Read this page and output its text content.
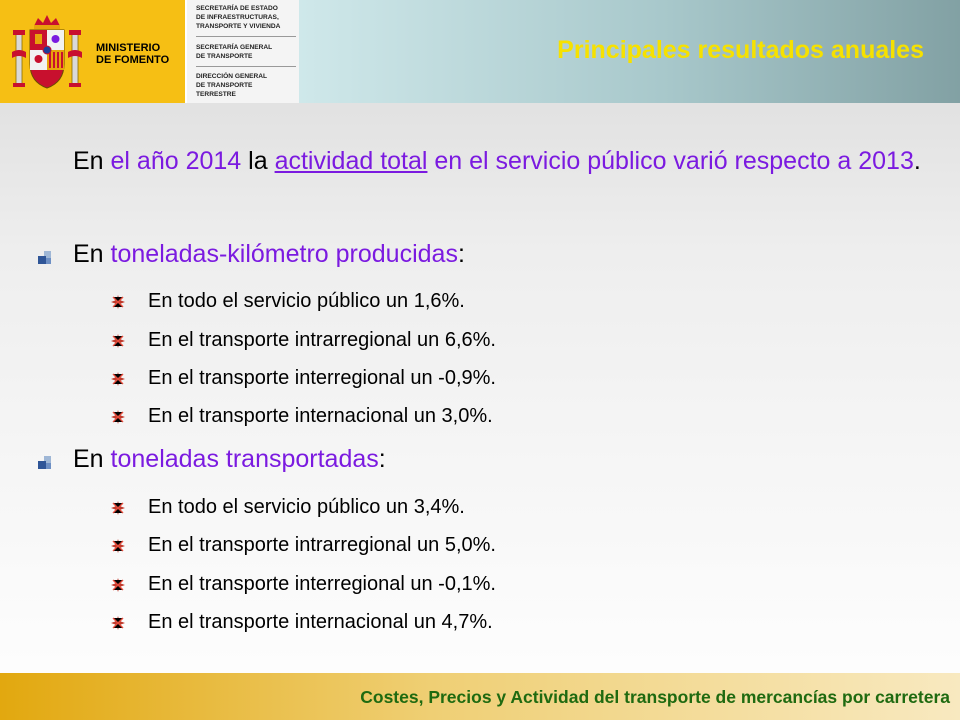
MINISTERIO
DE FOMENTO
SECRETARÍA DE ESTADO
DE INFRAESTRUCTURAS,
TRANSPORTE Y VIVIENDA
SECRETARÍA GENERAL
DE TRANSPORTE
DIRECCIÓN GENERAL
DE TRANSPORTE
TERRESTRE
Principales resultados anuales
En el año 2014 la actividad total en el servicio público varió respecto a 2013.
En toneladas-kilómetro producidas:
En todo el servicio público un 1,6%.
En el transporte intrarregional un 6,6%.
En el transporte interregional un -0,9%.
En el transporte internacional un 3,0%.
En toneladas transportadas:
En todo el servicio público un 3,4%.
En el transporte intrarregional un 5,0%.
En el transporte interregional un -0,1%.
En el transporte internacional un 4,7%.
Costes, Precios y Actividad del transporte de mercancías por carretera
